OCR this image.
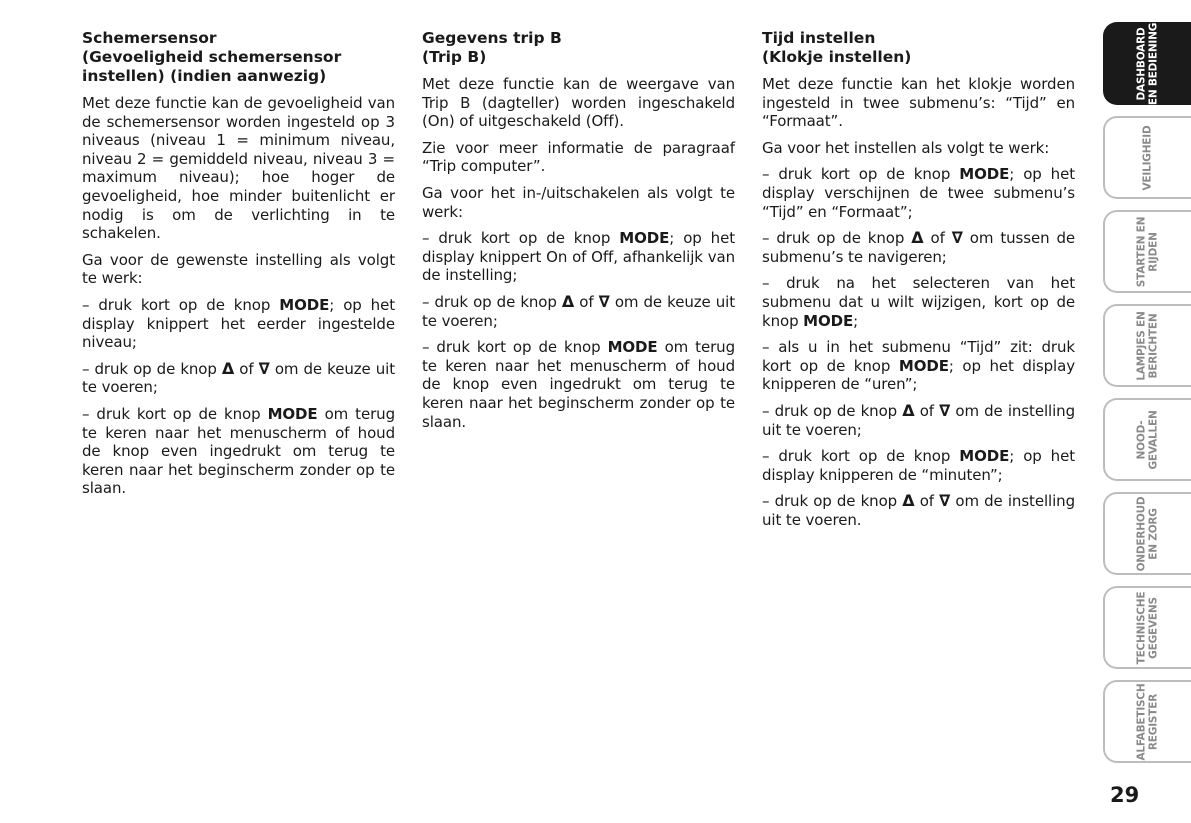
Schemersensor
(Gevoeligheid schemersensor
instellen) (indien aanwezig)

Met deze functie kan de gevoeligheid van de schemersensor worden ingesteld op 3 niveaus (niveau 1 = minimum niveau, niveau 2 = gemiddeld niveau, niveau 3 = maximum niveau); hoe hoger de gevoeligheid, hoe minder buitenlicht er nodig is om de verlichting in te schakelen.

Ga voor de gewenste instelling als volgt te werk:

– druk kort op de knop MODE; op het display knippert het eerder ingestelde niveau;

– druk op de knop Δ of ∇ om de keuze uit te voeren;

– druk kort op de knop MODE om terug te keren naar het menuscherm of houd de knop even ingedrukt om terug te keren naar het beginscherm zonder op te slaan.

Gegevens trip B
(Trip B)

Met deze functie kan de weergave van Trip B (dagteller) worden ingeschakeld (On) of uitgeschakeld (Off).

Zie voor meer informatie de paragraaf “Trip computer”.

Ga voor het in-/uitschakelen als volgt te werk:

– druk kort op de knop MODE; op het display knippert On of Off, afhankelijk van de instelling;

– druk op de knop Δ of ∇ om de keuze uit te voeren;

– druk kort op de knop MODE om terug te keren naar het menuscherm of houd de knop even ingedrukt om terug te keren naar het beginscherm zonder op te slaan.

Tijd instellen
(Klokje instellen)

Met deze functie kan het klokje worden ingesteld in twee submenu’s: “Tijd” en “Formaat”.

Ga voor het instellen als volgt te werk:

– druk kort op de knop MODE; op het display verschijnen de twee submenu’s “Tijd” en “Formaat”;

– druk op de knop Δ of ∇ om tussen de submenu’s te navigeren;

– druk na het selecteren van het submenu dat u wilt wijzigen, kort op de knop MODE;

– als u in het submenu “Tijd” zit: druk kort op de knop MODE; op het display knipperen de “uren”;

– druk op de knop Δ of ∇ om de instelling uit te voeren;

– druk kort op de knop MODE; op het display knipperen de “minuten”;

– druk op de knop Δ of ∇ om de instelling uit te voeren.

DASHBOARD EN BEDIENING
VEILIGHEID
STARTEN EN RIJDEN
LAMPJES EN BERICHTEN
NOOD- GEVALLEN
ONDERHOUD EN ZORG
TECHNISCHE GEGEVENS
ALFABETISCH REGISTER
29
